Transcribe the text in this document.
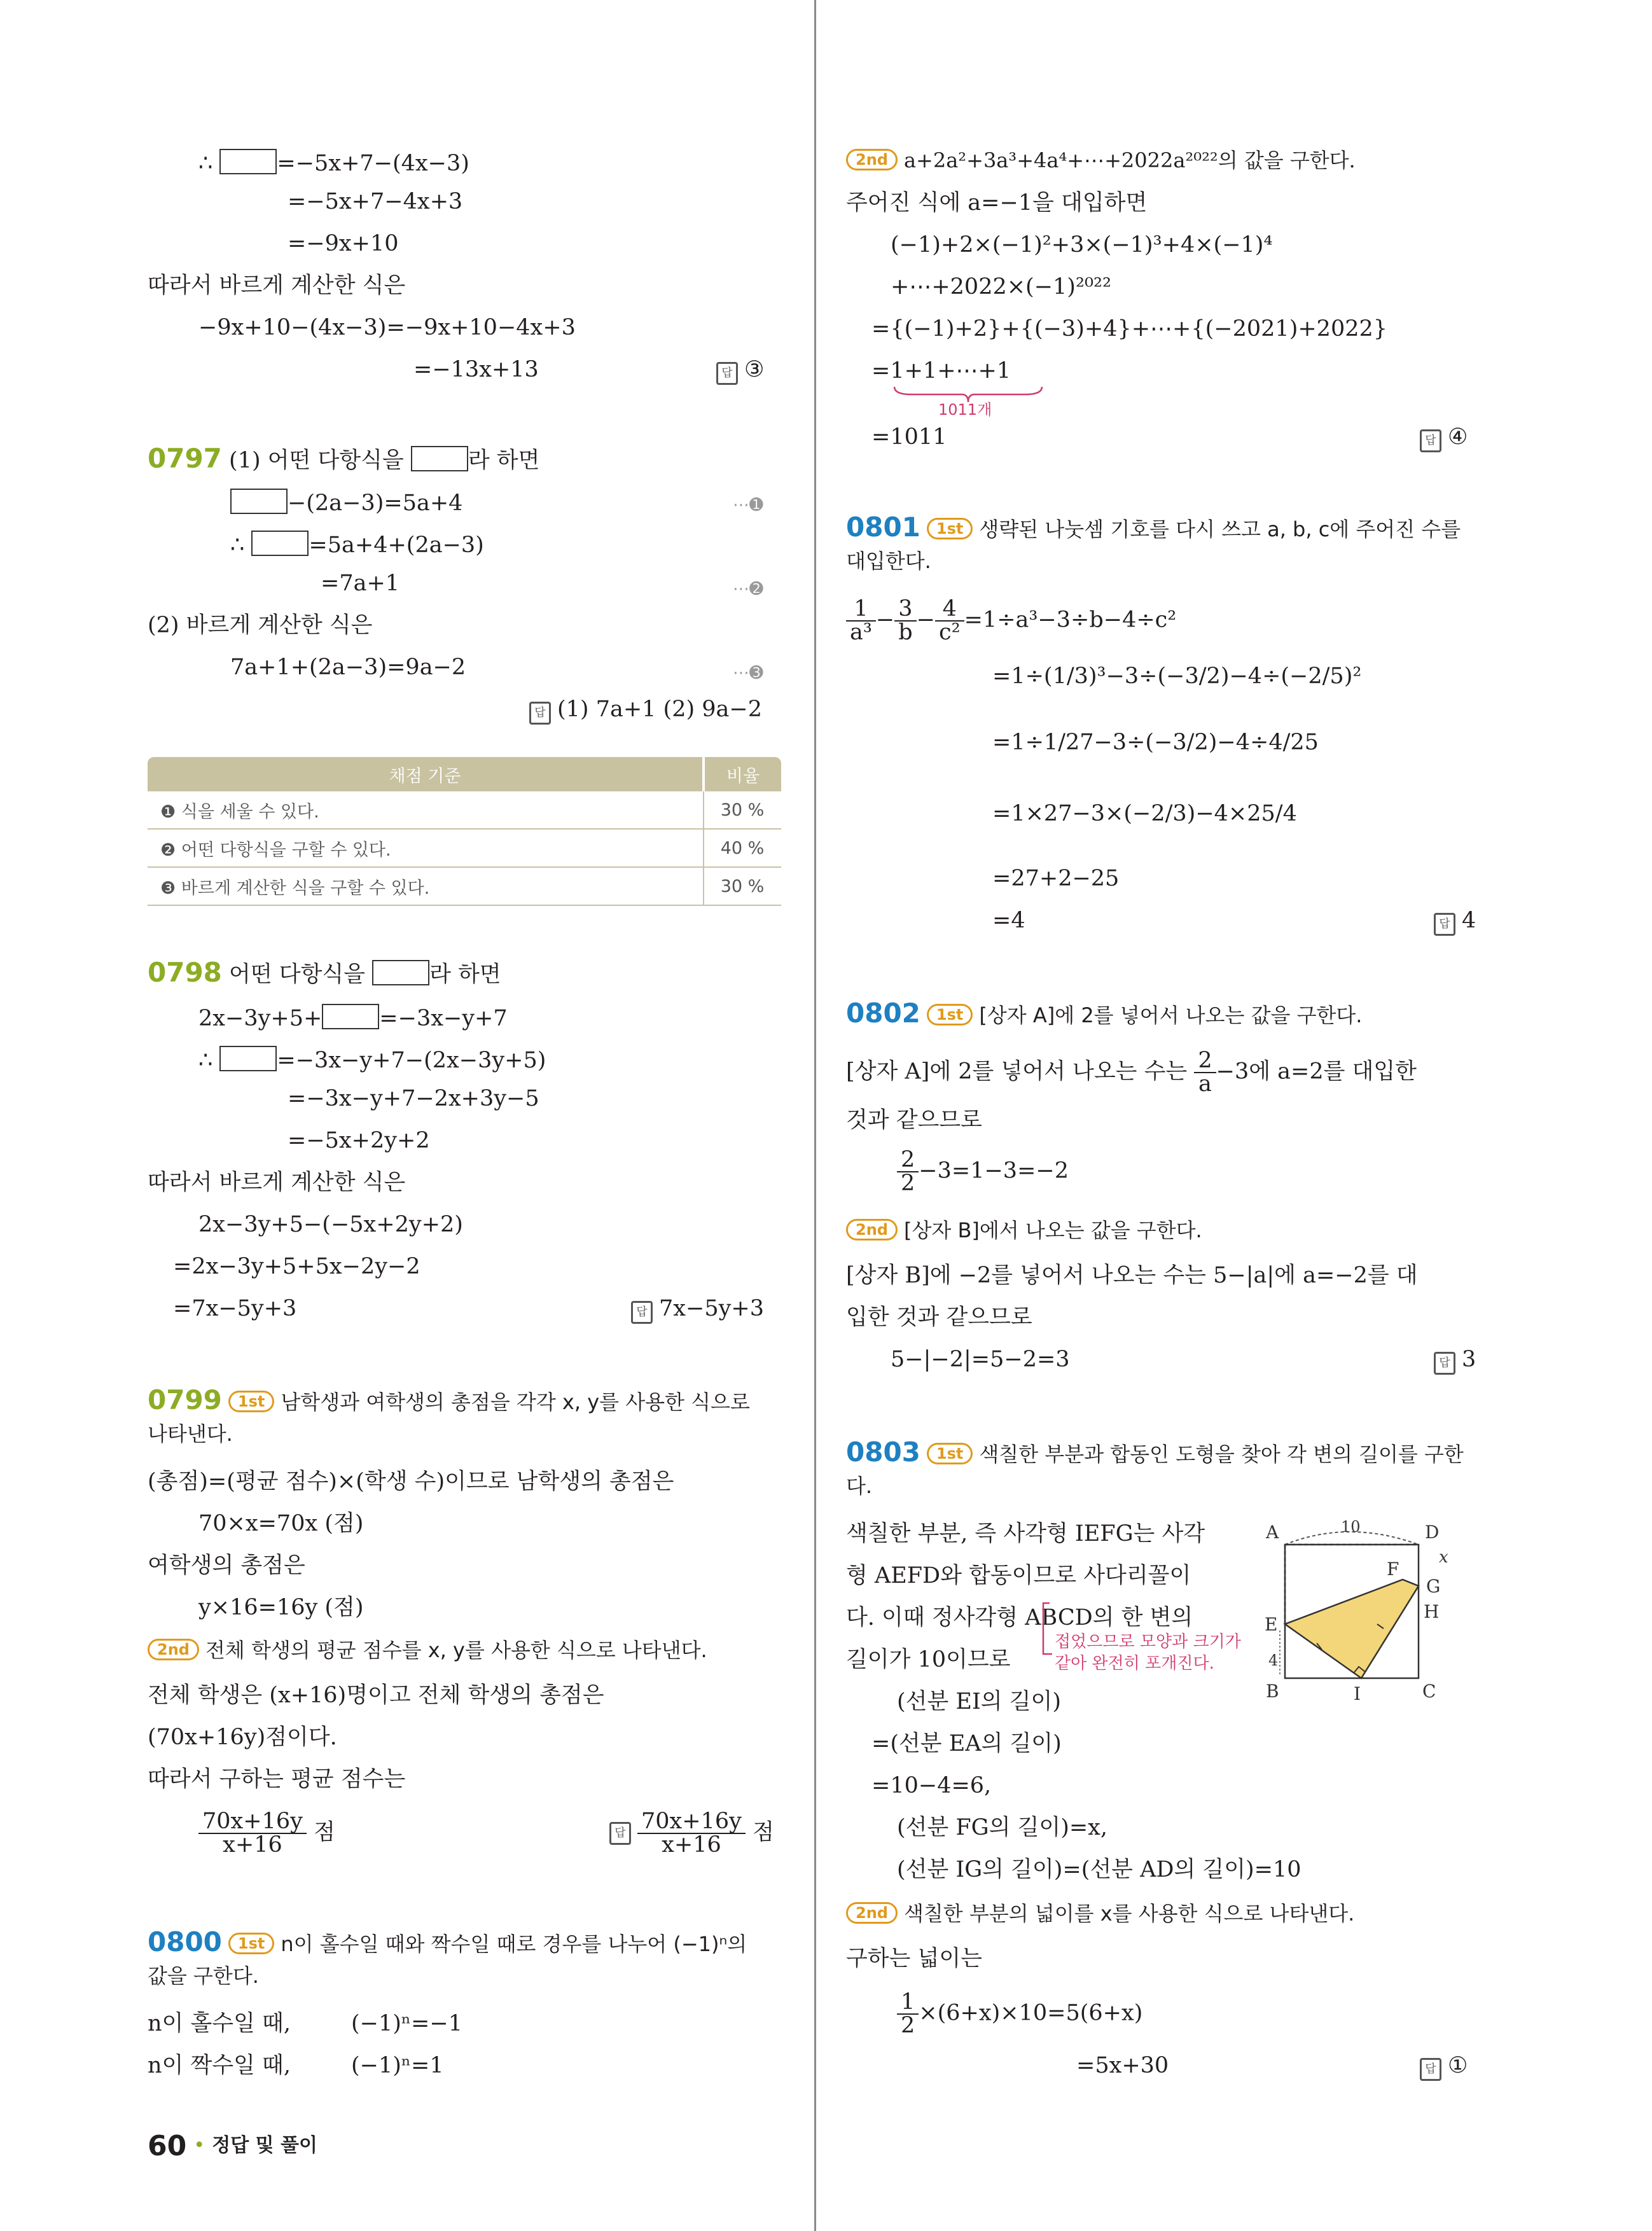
∴	=−5x+7−(4x−3)
=−5x+7−4x+3
=−9x+10
따라서 바르게 계산한 식은
−9x+10−(4x−3)=−9x+10−4x+3
=−13x+13	답 ③
0797 (1) 어떤 다항식을	라 하면
−(2a−3)=5a+4	⋯➊
∴	=5a+4+(2a−3)
=7a+1	⋯➋
(2) 바르게 계산한 식은
7a+1+(2a−3)=9a−2	⋯➌
답 (1) 7a+1 (2) 9a−2
채점 기준	비율
❶ 식을 세울 수 있다.	30 %
❷ 어떤 다항식을 구할 수 있다.	40 %
❸ 바르게 계산한 식을 구할 수 있다.	30 %
0798 어떤 다항식을	라 하면
2x−3y+5+	=−3x−y+7
∴	=−3x−y+7−(2x−3y+5)
=−3x−y+7−2x+3y−5
=−5x+2y+2
따라서 바르게 계산한 식은
2x−3y+5−(−5x+2y+2)
=2x−3y+5+5x−2y−2
=7x−5y+3	답 7x−5y+3
0799 1st 남학생과 여학생의 총점을 각각 x, y를 사용한 식으로
나타낸다.
(총점)=(평균 점수)×(학생 수)이므로 남학생의 총점은
70×x=70x (점)
여학생의 총점은
y×16=16y (점)
2nd 전체 학생의 평균 점수를 x, y를 사용한 식으로 나타낸다.
전체 학생은 (x+16)명이고 전체 학생의 총점은
(70x+16y)점이다.
따라서 구하는 평균 점수는
$\frac{70x+16y}{x+16}$ 점	답 $\frac{70x+16y}{x+16}$ 점
0800 1st n이 홀수일 때와 짝수일 때로 경우를 나누어 (−1)ⁿ의
값을 구한다.
n이 홀수일 때,	(−1)ⁿ=−1
n이 짝수일 때,	(−1)ⁿ=1
2nd a+2a²+3a³+4a⁴+⋯+2022a²⁰²²의 값을 구한다.
주어진 식에 a=−1을 대입하면
(−1)+2×(−1)²+3×(−1)³+4×(−1)⁴
+⋯+2022×(−1)²⁰²²
={(−1)+2}+{(−3)+4}+⋯+{(−2021)+2022}
=1+1+⋯+1
1011개
=1011	답 ④
0801 1st 생략된 나눗셈 기호를 다시 쓰고 a, b, c에 주어진 수를
대입한다.
$\frac{1}{\text{a³}} - \frac{3}{b} - \frac{4}{\text{c²}} =1\div a^3-3\div b-4\div c^2$
=1÷(1/3)³−3÷(−3/2)−4÷(−2/5)²
=1÷1/27−3÷(−3/2)−4÷4/25
=1×27−3×(−2/3)−4×25/4
=27+2−25
=4	답 4
0802 1st [상자 A]에 2를 넣어서 나오는 값을 구한다.
[상자 A]에 2를 넣어서 나오는 수는 $\frac{2}{a} -3$에 a=2를 대입한
것과 같으므로
$\frac{2}{2} -3=1-3=-2$
2nd [상자 B]에서 나오는 값을 구한다.
[상자 B]에 −2를 넣어서 나오는 수는 5−|a|에 a=−2를 대
입한 것과 같으므로
5−|−2|=5−2=3	답 3
0803 1st 색칠한 부분과 합동인 도형을 찾아 각 변의 길이를 구한
다.
색칠한 부분, 즉 사각형 IEFG는 사각
형 AEFD와 합동이므로 사다리꼴이
다. 이때 정사각형 ABCD의 한 변의
길이가 10이므로
접었으므로 모양과 크기가
같아 완전히 포개진다.
A	D
F
G
H
E
B	I	C
x
10
4
(선분 EI의 길이)
=(선분 EA의 길이)
=10−4=6,
(선분 FG의 길이)=x,
(선분 IG의 길이)=(선분 AD의 길이)=10
2nd 색칠한 부분의 넓이를 x를 사용한 식으로 나타낸다.
구하는 넓이는
$\frac{1}{2} \times(6+x)\times 10=5(6+x)$
=5x+30	답 ①
60 • 정답 및 풀이
